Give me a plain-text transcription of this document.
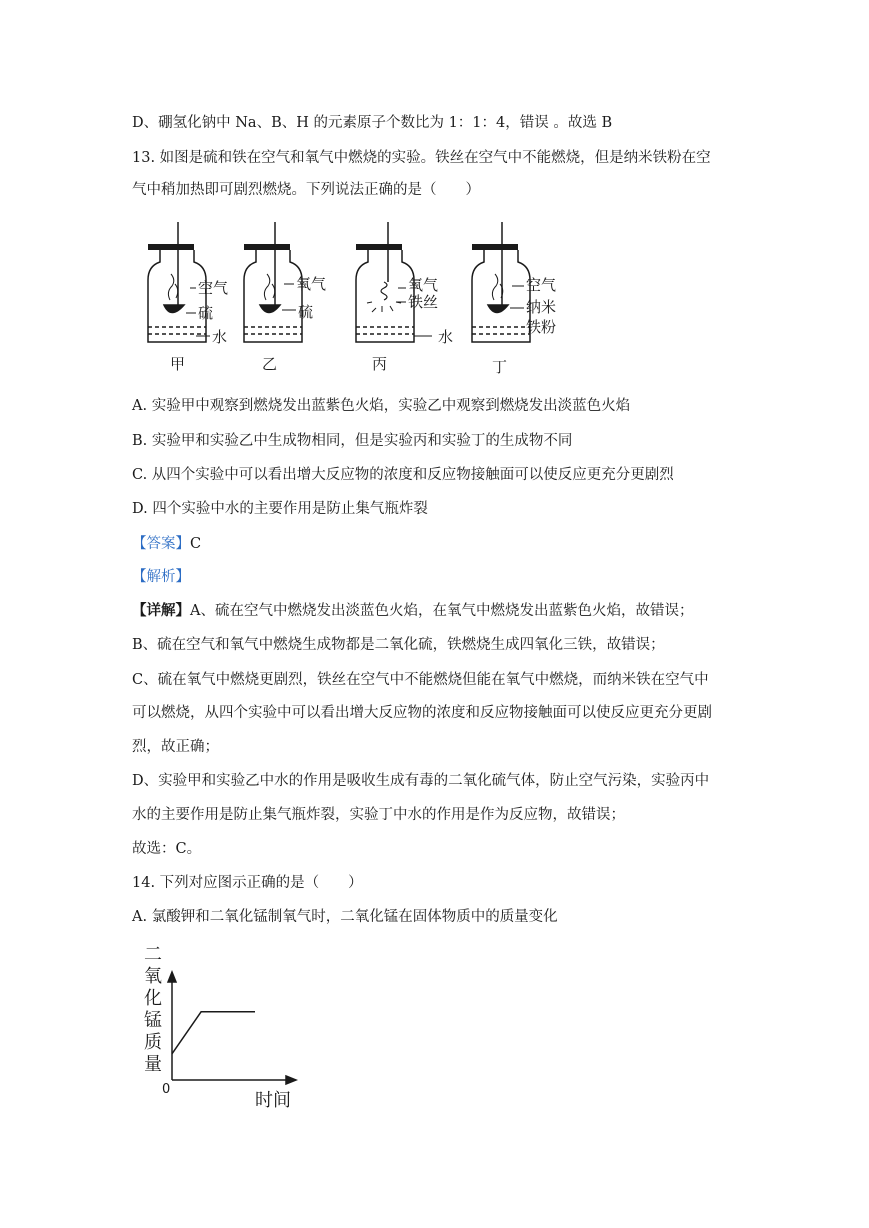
D、硼氢化钠中 Na、B、H 的元素原子个数比为 1：1：4，错误 。故选 B
13. 如图是硫和铁在空气和氧气中燃烧的实验。铁丝在空气中不能燃烧，但是纳米铁粉在空
气中稍加热即可剧烈燃烧。下列说法正确的是（　　）
空气
硫
水
氧气
硫
氧气
铁丝
水
空气
纳米
铁粉
甲	乙	丙	丁
A. 实验甲中观察到燃烧发出蓝紫色火焰，实验乙中观察到燃烧发出淡蓝色火焰
B. 实验甲和实验乙中生成物相同，但是实验丙和实验丁的生成物不同
C. 从四个实验中可以看出增大反应物的浓度和反应物接触面可以使反应更充分更剧烈
D. 四个实验中水的主要作用是防止集气瓶炸裂
【答案】C
【解析】
【详解】A、硫在空气中燃烧发出淡蓝色火焰，在氧气中燃烧发出蓝紫色火焰，故错误；
B、硫在空气和氧气中燃烧生成物都是二氧化硫，铁燃烧生成四氧化三铁，故错误；
C、硫在氧气中燃烧更剧烈，铁丝在空气中不能燃烧但能在氧气中燃烧，而纳米铁在空气中
可以燃烧，从四个实验中可以看出增大反应物的浓度和反应物接触面可以使反应更充分更剧
烈，故正确；
D、实验甲和实验乙中水的作用是吸收生成有毒的二氧化硫气体，防止空气污染，实验丙中
水的主要作用是防止集气瓶炸裂，实验丁中水的作用是作为反应物，故错误；
故选：C。
14. 下列对应图示正确的是（　　）
A. 氯酸钾和二氧化锰制氧气时，二氧化锰在固体物质中的质量变化
二
氧
化
锰
质
量
0
时间
